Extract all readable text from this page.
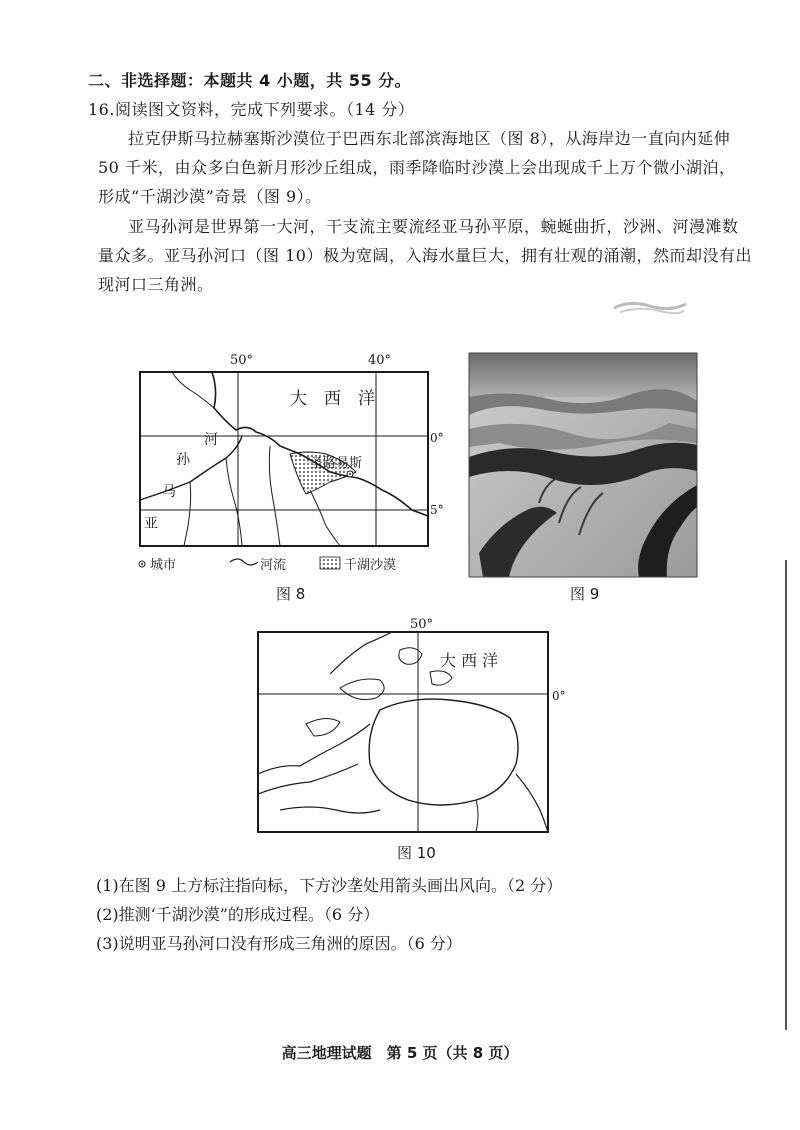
二、非选择题：本题共 4 小题，共 55 分。
16.阅读图文资料，完成下列要求。（14 分）
拉克伊斯马拉赫塞斯沙漠位于巴西东北部滨海地区（图 8），从海岸边一直向内延伸
50 千米，由众多白色新月形沙丘组成，雨季降临时沙漠上会出现成千上万个微小湖泊，
形成“千湖沙漠”奇景（图 9）。
亚马孙河是世界第一大河，干支流主要流经亚马孙平原，蜿蜒曲折，沙洲、河漫滩数
量众多。亚马孙河口（图 10）极为宽阔，入海水量巨大，拥有壮观的涌潮，然而却没有出
现河口三角洲。
50°	40°
大　西　洋
圣路易斯
河
孙
马
亚
0°
5°
城市	河流	千湖沙漠
图 8	图 9
50°
0°
大 西 洋
图 10
(1)在图 9 上方标注指向标，下方沙垄处用箭头画出风向。（2 分）
(2)推测‘千湖沙漠”的形成过程。（6 分）
(3)说明亚马孙河口没有形成三角洲的原因。（6 分）
高三地理试题　第 5 页（共 8 页）
